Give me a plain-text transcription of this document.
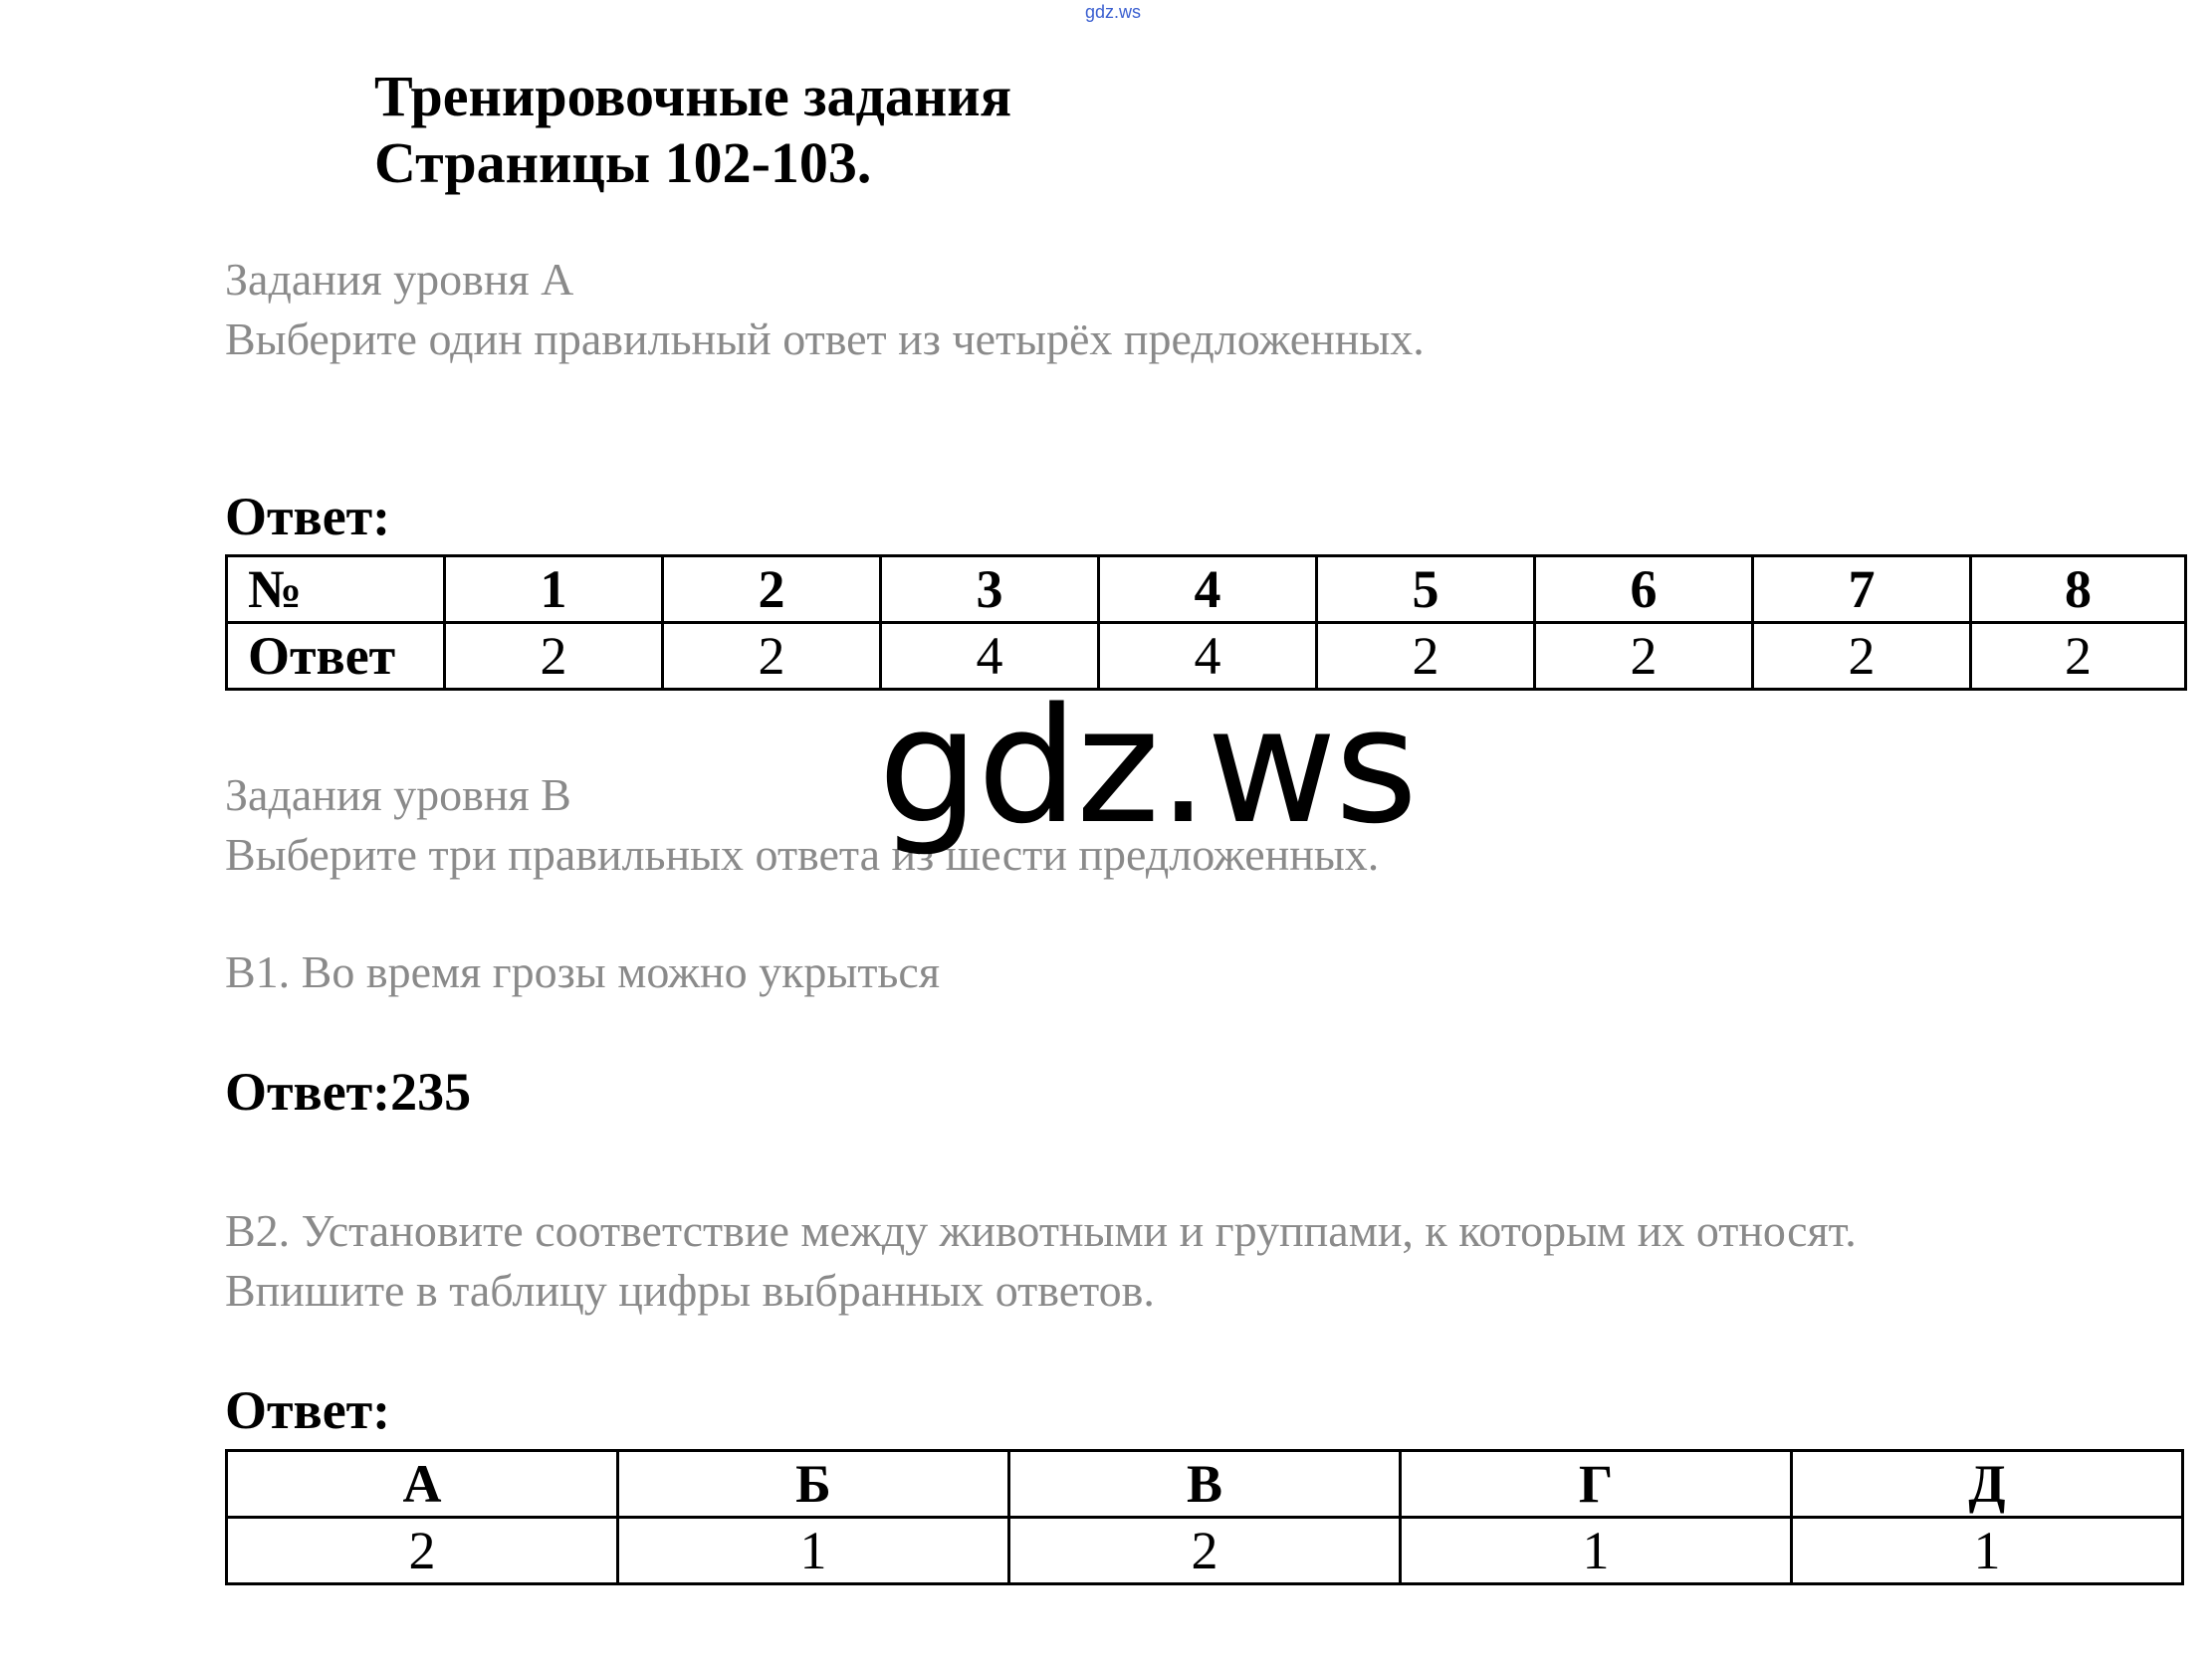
gdz.ws
Тренировочные задания
Страницы 102-103.
Задания уровня А
Выберите один правильный ответ из четырёх предложенных.
Ответ:
№	1	2	3	4	5	6	7	8
Ответ	2	2	4	4	2	2	2	2
Задания уровня В
Выберите три правильных ответа из шести предложенных.
gdz.ws
В1. Во время грозы можно укрыться
Ответ:235
В2. Установите соответствие между животными и группами, к которым их относят.
Впишите в таблицу цифры выбранных ответов.
Ответ:
А	Б	В	Г	Д
2	1	2	1	1
